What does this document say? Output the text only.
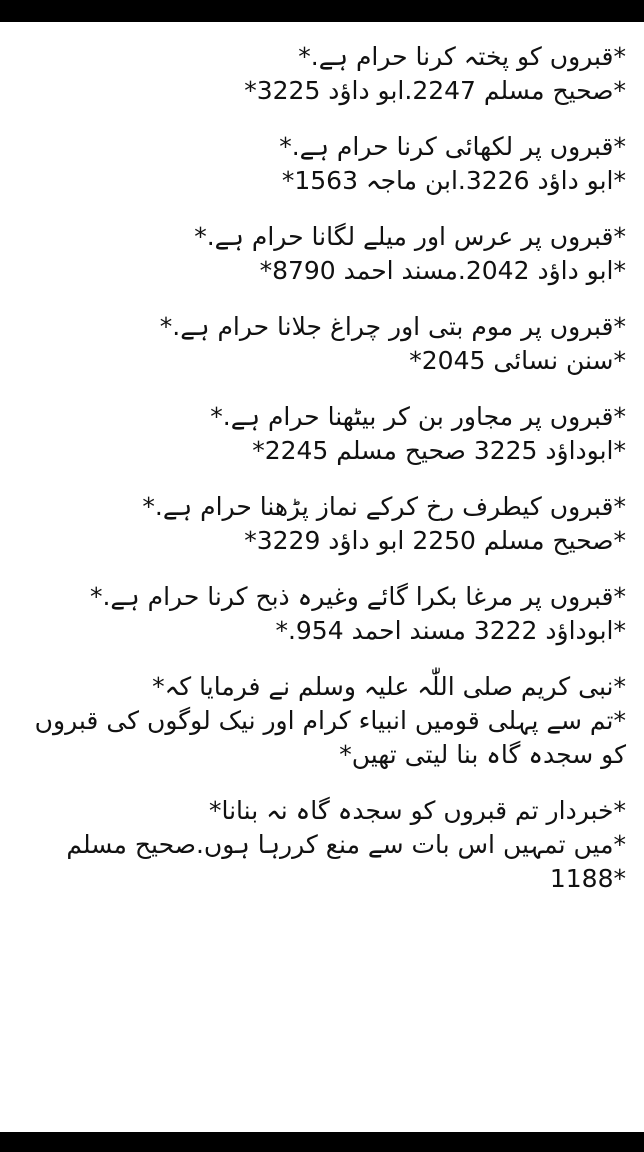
*قبروں کو پختہ کرنا حرام ہے.*
*صحیح مسلم 2247.ابو داؤد 3225*
*قبروں پر لکھائی کرنا حرام ہے.*
*ابو داؤد 3226.ابن ماجہ 1563*
*قبروں پر عرس اور میلے لگانا حرام ہے.*
*ابو داؤد 2042.مسند احمد 8790*
*قبروں پر موم بتی اور چراغ جلانا حرام ہے.*
*سنن نسائی 2045*
*قبروں پر مجاور بن کر بیٹھنا حرام ہے.*
*ابوداؤد 3225 صحیح مسلم 2245*
*قبروں کیطرف رخ کرکے نماز پڑھنا حرام ہے.*
*صحیح مسلم 2250 ابو داؤد 3229*
*قبروں پر مرغا بکرا گائے وغیرہ ذبح کرنا حرام ہے.*
*ابوداؤد 3222 مسند احمد 954.*
*نبی کریم صلی اللّٰہ علیہ وسلم نے فرمایا کہ*
*تم سے پہلی قومیں انبیاء کرام اور نیک لوگوں کی قبروں
کو سجدہ گاہ بنا لیتی تھیں*
*خبردار تم قبروں کو سجدہ گاہ نہ بنانا*
*میں تمہیں اس بات سے منع کررہا ہوں.صحیح مسلم
1188*
